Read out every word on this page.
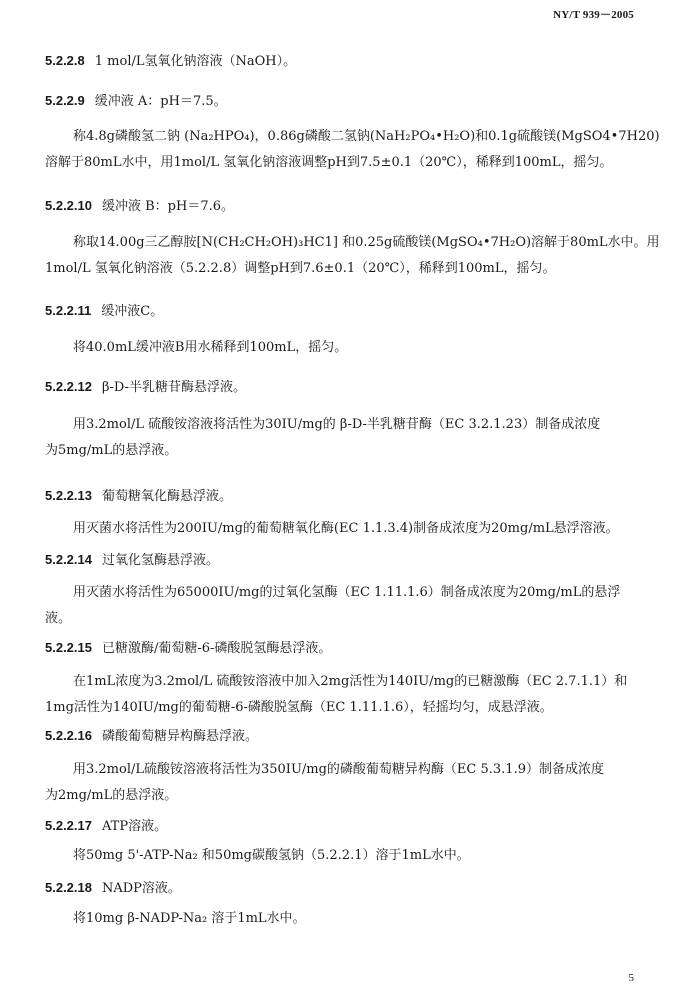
NY/T 939－2005
5.2.2.8 1 mol/L氢氧化钠溶液（NaOH）。
5.2.2.9 缓冲液 A：pH＝7.5。
称4.8g磷酸氢二钠 (Na₂HPO₄)，0.86g磷酸二氢钠(NaH₂PO₄•H₂O)和0.1g硫酸镁(MgSO4•7H20)
溶解于80mL水中，用1mol/L 氢氧化钠溶液调整pH到7.5±0.1（20℃），稀释到100mL，摇匀。
5.2.2.10 缓冲液 B：pH＝7.6。
称取14.00g三乙醇胺[N(CH₂CH₂OH)₃HC1] 和0.25g硫酸镁(MgSO₄•7H₂O)溶解于80mL水中。用
1mol/L 氢氧化钠溶液（5.2.2.8）调整pH到7.6±0.1（20℃），稀释到100mL，摇匀。
5.2.2.11 缓冲液C。
将40.0mL缓冲液B用水稀释到100mL，摇匀。
5.2.2.12 β-D-半乳糖苷酶悬浮液。
用3.2mol/L 硫酸铵溶液将活性为30IU/mg的 β-D-半乳糖苷酶（EC 3.2.1.23）制备成浓度
为5mg/mL的悬浮液。
5.2.2.13 葡萄糖氧化酶悬浮液。
用灭菌水将活性为200IU/mg的葡萄糖氧化酶(EC 1.1.3.4)制备成浓度为20mg/mL悬浮溶液。
5.2.2.14 过氧化氢酶悬浮液。
用灭菌水将活性为65000IU/mg的过氧化氢酶（EC 1.11.1.6）制备成浓度为20mg/mL的悬浮
液。
5.2.2.15 已糖激酶/葡萄糖-6-磷酸脱氢酶悬浮液。
在1mL浓度为3.2mol/L 硫酸铵溶液中加入2mg活性为140IU/mg的已糖激酶（EC 2.7.1.1）和
1mg活性为140IU/mg的葡萄糖-6-磷酸脱氢酶（EC 1.11.1.6），轻摇均匀，成悬浮液。
5.2.2.16 磷酸葡萄糖异构酶悬浮液。
用3.2mol/L硫酸铵溶液将活性为350IU/mg的磷酸葡萄糖异构酶（EC 5.3.1.9）制备成浓度
为2mg/mL的悬浮液。
5.2.2.17 ATP溶液。
将50mg 5'-ATP-Na₂ 和50mg碳酸氢钠（5.2.2.1）溶于1mL水中。
5.2.2.18 NADP溶液。
将10mg β-NADP-Na₂ 溶于1mL水中。
5
